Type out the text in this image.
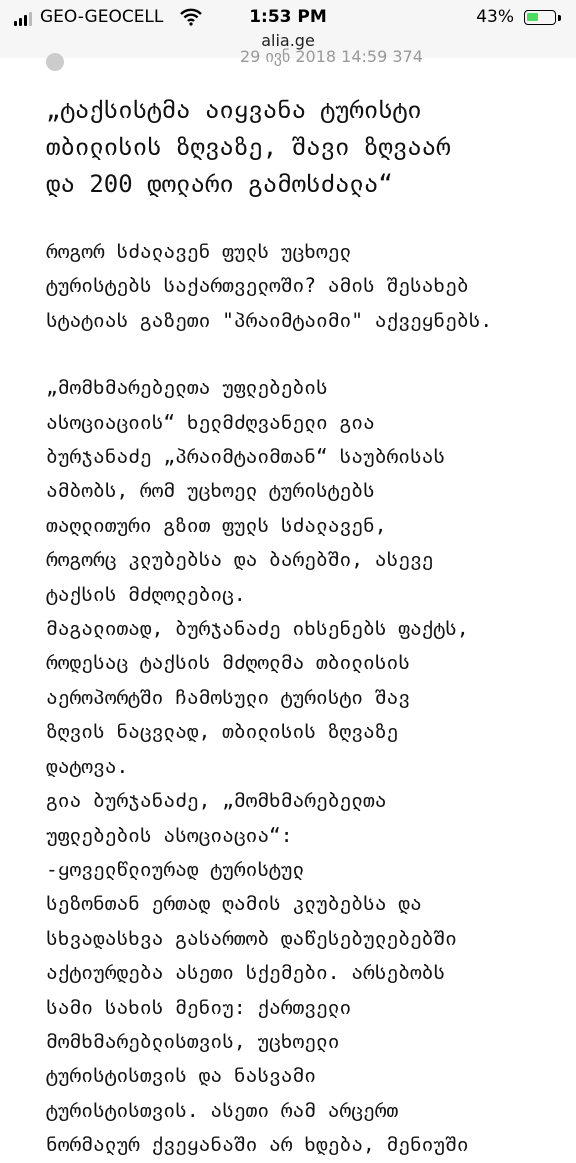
GEO-GEOCELL	1:53 PM	43%
alia.ge
29 ივნ 2018 14:59 374

„ტაქსისტმა აიყვანა ტურისტი

თბილისის ზღვაზე, შავი ზღვაარ

და 200 დოლარი გამოსძალა“

როგორ სძალავენ ფულს უცხოელ

ტურისტებს საქართველოში? ამის შესახებ

სტატიას გაზეთი "პრაიმტაიმი" აქვეყნებს.

„მომხმარებელთა უფლებების

ასოციაციის“ ხელმძღვანელი გია

ბურჯანაძე „პრაიმტაიმთან“ საუბრისას

ამბობს, რომ უცხოელ ტურისტებს

თაღლითური გზით ფულს სძალავენ,

როგორც კლუბებსა და ბარებში, ასევე

ტაქსის მძღოლებიც.

მაგალითად, ბურჯანაძე იხსენებს ფაქტს,

როდესაც ტაქსის მძღოლმა თბილისის

აეროპორტში ჩამოსული ტურისტი შავ

ზღვის ნაცვლად, თბილისის ზღვაზე

დატოვა.

გია ბურჯანაძე, „მომხმარებელთა

უფლებების ასოციაცია“:

-ყოველწლიურად ტურისტულ

სეზონთან ერთად ღამის კლუბებსა და

სხვადასხვა გასართობ დაწესებულებებში

აქტიურდება ასეთი სქემები. არსებობს

სამი სახის მენიუ: ქართველი

მომხმარებლისთვის, უცხოელი

ტურისტისთვის და ნასვამი

ტურისტისთვის. ასეთი რამ არცერთ

ნორმალურ ქვეყანაში არ ხდება, მენიუში
